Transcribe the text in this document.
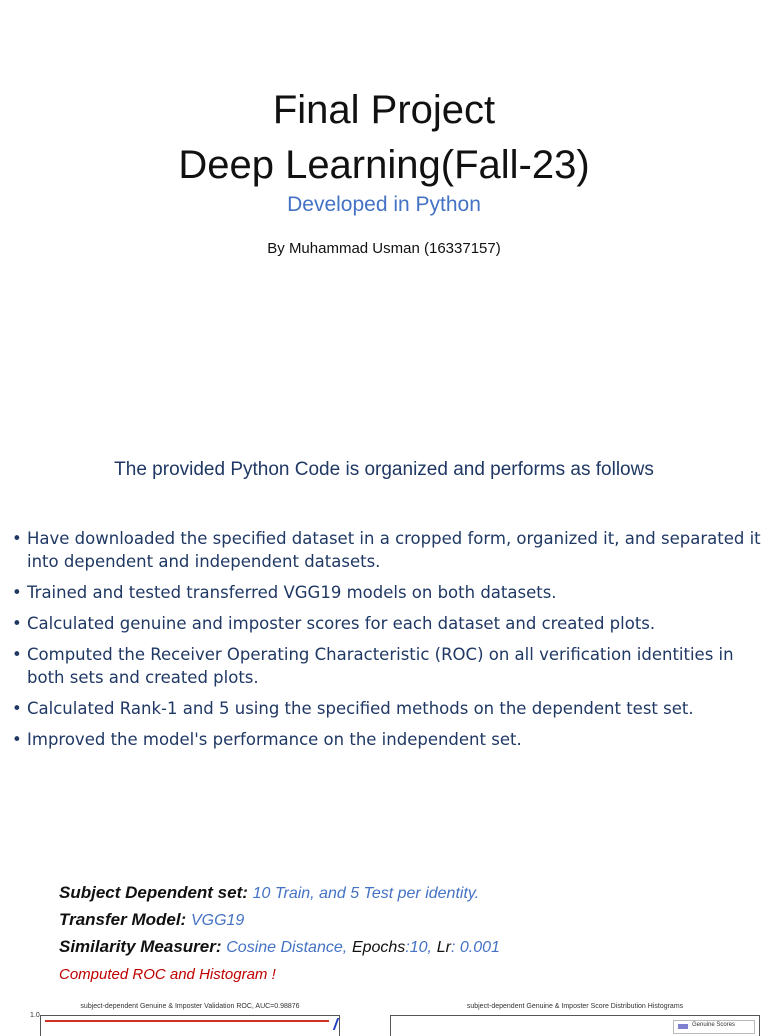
Final Project
Deep Learning(Fall-23)
Developed in Python
By Muhammad Usman (16337157)
The provided Python Code is organized and performs as follows
• Have downloaded the specified dataset in a cropped form, organized it, and separated it into dependent and independent datasets.
• Trained and tested transferred VGG19 models on both datasets.
• Calculated genuine and imposter scores for each dataset and created plots.
• Computed the Receiver Operating Characteristic (ROC) on all verification identities in both sets and created plots.
• Calculated Rank-1 and 5 using the specified methods on the dependent test set.
• Improved the model's performance on the independent set.
Subject Dependent set: 10 Train, and 5 Test per identity.
Transfer Model: VGG19
Similarity Measurer: Cosine Distance, Epochs:10, Lr: 0.001
Computed ROC and Histogram !
subject-dependent Genuine & Imposter Validation ROC, AUC=0.98876
1.0
subject-dependent Genuine & Imposter Score Distribution Histograms
Genuine Scores
